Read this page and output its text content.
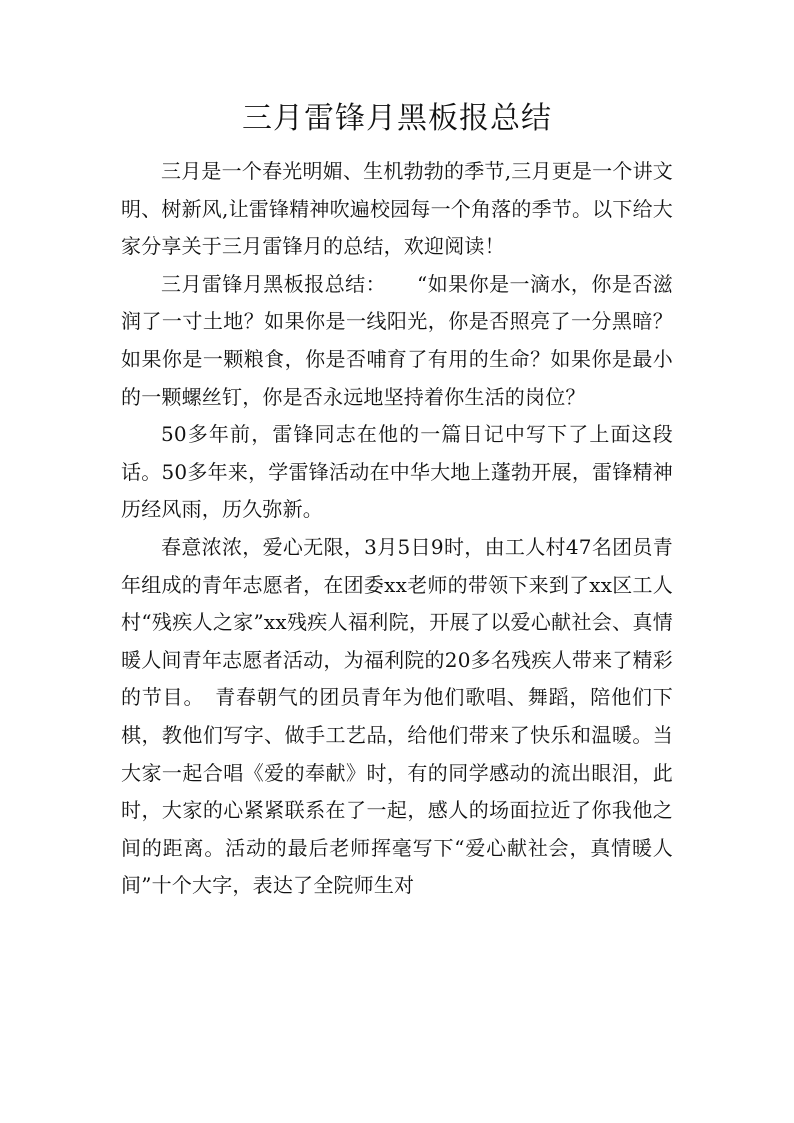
三月雷锋月黑板报总结

三月是一个春光明媚、生机勃勃的季节,三月更是一个讲文明、树新风,让雷锋精神吹遍校园每一个角落的季节。以下给大家分享关于三月雷锋月的总结，欢迎阅读！

三月雷锋月黑板报总结：　　“如果你是一滴水，你是否滋润了一寸土地？如果你是一线阳光，你是否照亮了一分黑暗？如果你是一颗粮食，你是否哺育了有用的生命？如果你是最小的一颗螺丝钉，你是否永远地坚持着你生活的岗位？

50多年前，雷锋同志在他的一篇日记中写下了上面这段话。50多年来，学雷锋活动在中华大地上蓬勃开展，雷锋精神历经风雨，历久弥新。

春意浓浓，爱心无限，3月5日9时，由工人村47名团员青年组成的青年志愿者，在团委xx老师的带领下来到了xx区工人村“残疾人之家”xx残疾人福利院，开展了以爱心献社会、真情暖人间青年志愿者活动，为福利院的20多名残疾人带来了精彩的节目。　青春朝气的团员青年为他们歌唱、舞蹈，陪他们下棋，教他们写字、做手工艺品，给他们带来了快乐和温暖。当大家一起合唱《爱的奉献》时，有的同学感动的流出眼泪，此时，大家的心紧紧联系在了一起，感人的场面拉近了你我他之间的距离。活动的最后老师挥毫写下“爱心献社会，真情暖人间”十个大字，表达了全院师生对
